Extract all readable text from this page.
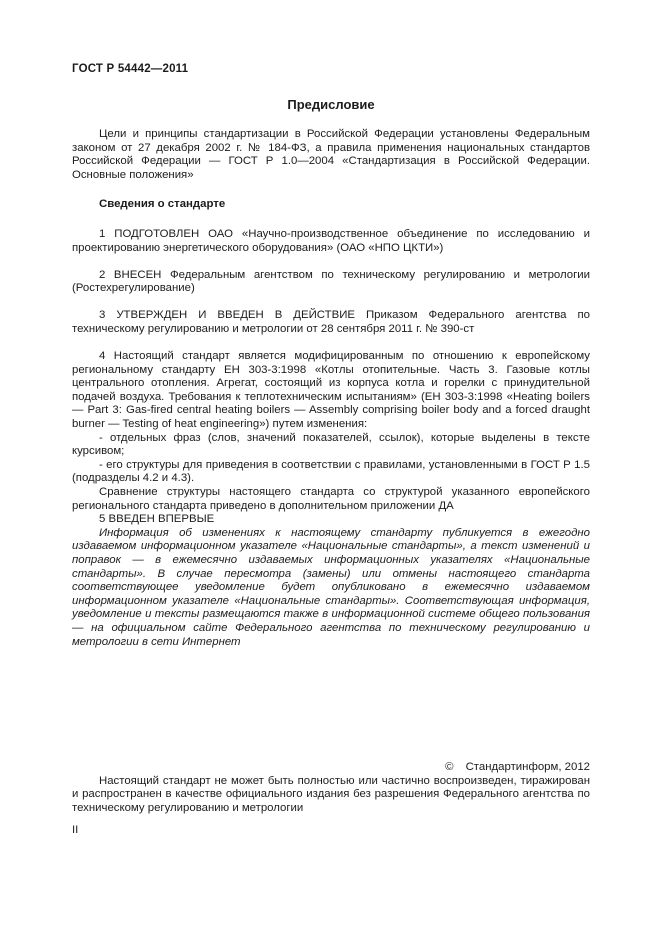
ГОСТ Р 54442—2011
Предисловие

Цели и принципы стандартизации в Российской Федерации установлены Федеральным законом от 27 декабря 2002 г. № 184-ФЗ, а правила применения национальных стандартов Российской Федерации — ГОСТ Р 1.0—2004 «Стандартизация в Российской Федерации. Основные положения»

Сведения о стандарте

1 ПОДГОТОВЛЕН ОАО «Научно-производственное объединение по исследованию и проектированию энергетического оборудования» (ОАО «НПО ЦКТИ»)

2 ВНЕСЕН Федеральным агентством по техническому регулированию и метрологии (Ростехрегулирование)

3 УТВЕРЖДЕН И ВВЕДЕН В ДЕЙСТВИЕ Приказом Федерального агентства по техническому регулированию и метрологии от 28 сентября 2011 г. № 390-ст

4 Настоящий стандарт является модифицированным по отношению к европейскому региональному стандарту ЕН 303-3:1998 «Котлы отопительные. Часть 3. Газовые котлы центрального отопления. Агрегат, состоящий из корпуса котла и горелки с принудительной подачей воздуха. Требования к теплотехническим испытаниям» (ЕН 303-3:1998 «Heating boilers — Part 3: Gas-fired central heating boilers — Assembly comprising boiler body and a forced draught burner — Testing of heat engineering») путем изменения:

- отдельных фраз (слов, значений показателей, ссылок), которые выделены в тексте курсивом;

- его структуры для приведения в соответствии с правилами, установленными в ГОСТ Р 1.5 (подразделы 4.2 и 4.3).

Сравнение структуры настоящего стандарта со структурой указанного европейского регионального стандарта приведено в дополнительном приложении ДА

5 ВВЕДЕН ВПЕРВЫЕ

Информация об изменениях к настоящему стандарту публикуется в ежегодно издаваемом информационном указателе «Национальные стандарты», а текст изменений и поправок — в ежемесячно издаваемых информационных указателях «Национальные стандарты». В случае пересмотра (замены) или отмены настоящего стандарта соответствующее уведомление будет опубликовано в ежемесячно издаваемом информационном указателе «Национальные стандарты». Соответствующая информация, уведомление и тексты размещаются также в информационной системе общего пользования — на официальном сайте Федерального агентства по техническому регулированию и метрологии в сети Интернет

© Стандартинформ, 2012

Настоящий стандарт не может быть полностью или частично воспроизведен, тиражирован и распространен в качестве официального издания без разрешения Федерального агентства по техническому регулированию и метрологии

II
